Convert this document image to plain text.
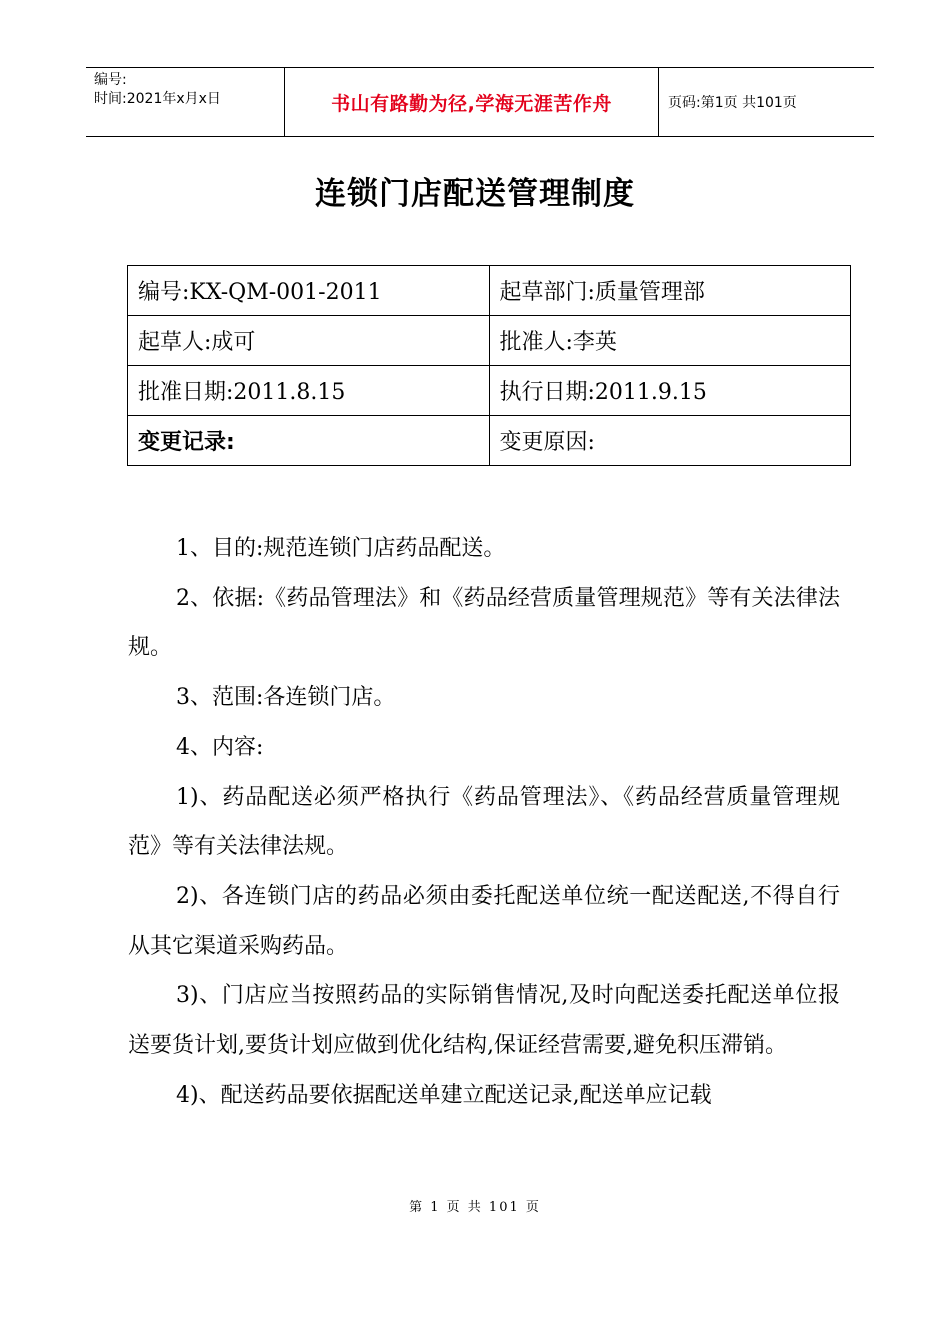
编号:
时间:2021年x月x日	书山有路勤为径,学海无涯苦作舟	页码:第1页 共101页
连锁门店配送管理制度
编号:KX-QM-001-2011	起草部门:质量管理部
起草人:成可	批准人:李英
批准日期:2011.8.15	执行日期:2011.9.15
变更记录:	变更原因:

1、目的:规范连锁门店药品配送。

2、依据:《药品管理法》和《药品经营质量管理规范》等有关法律法规。

3、范围:各连锁门店。

4、内容:

1)、药品配送必须严格执行《药品管理法》、《药品经营质量管理规范》等有关法律法规。

2)、各连锁门店的药品必须由委托配送单位统一配送配送,不得自行从其它渠道采购药品。

3)、门店应当按照药品的实际销售情况,及时向配送委托配送单位报送要货计划,要货计划应做到优化结构,保证经营需要,避免积压滞销。

4)、配送药品要依据配送单建立配送记录,配送单应记载

第 1 页 共 101 页
